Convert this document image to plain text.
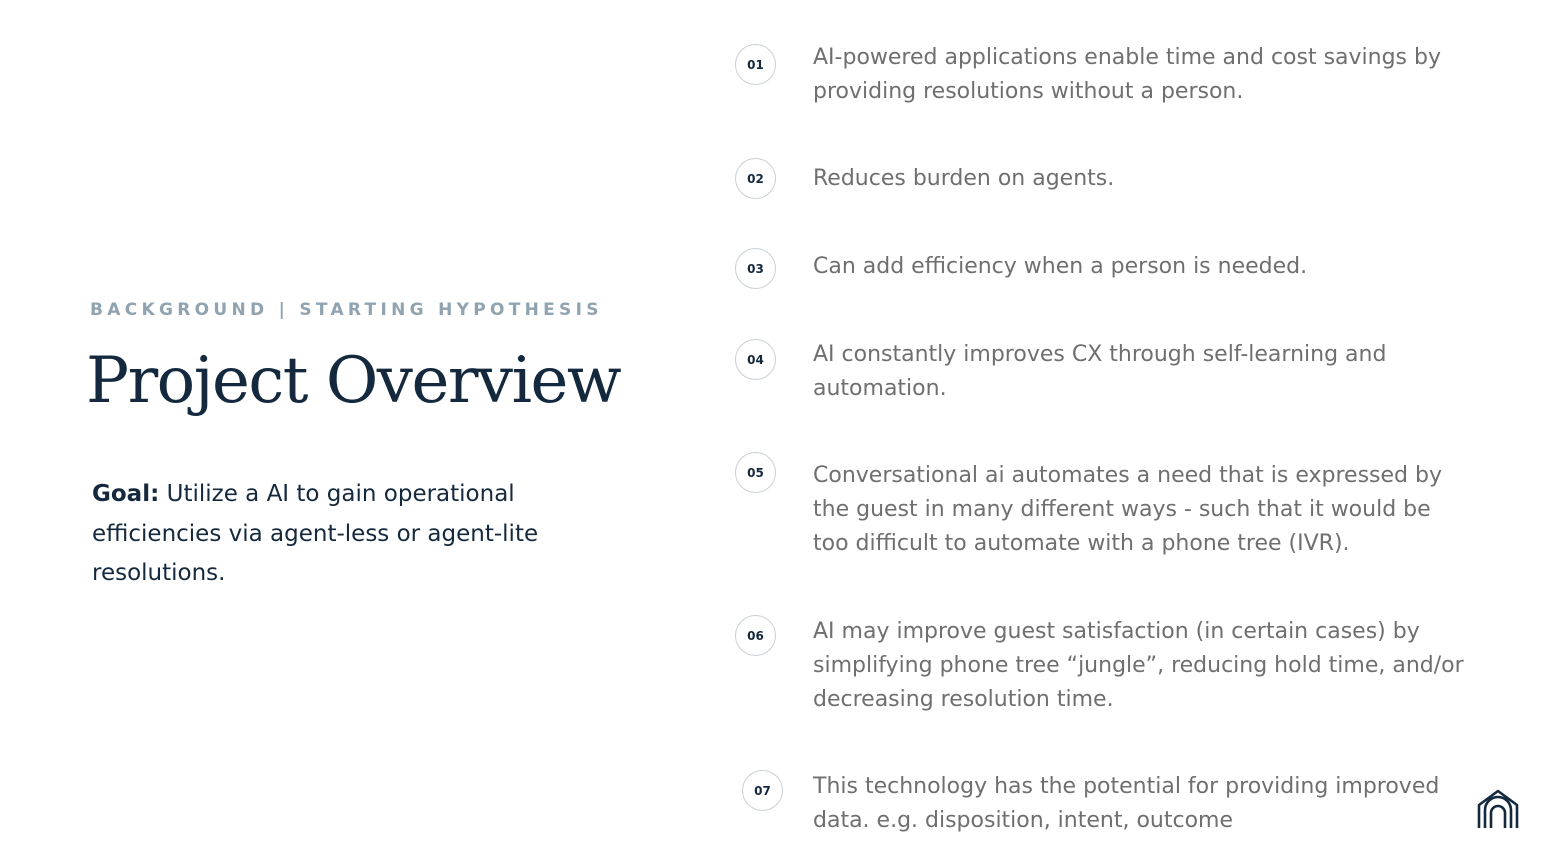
BACKGROUND | STARTING HYPOTHESIS
Project Overview
Goal: Utilize a AI to gain operational efficiencies via agent-less or agent-lite resolutions.
01	AI-powered applications enable time and cost savings by providing resolutions without a person.
02	Reduces burden on agents.
03	Can add efficiency when a person is needed.
04	AI constantly improves CX through self-learning and automation.
05	Conversational ai automates a need that is expressed by the guest in many different ways - such that it would be too difficult to automate with a phone tree (IVR).
06	AI may improve guest satisfaction (in certain cases) by simplifying phone tree “jungle”, reducing hold time, and/or decreasing resolution time.
07	This technology has the potential for providing improved data. e.g. disposition, intent, outcome
